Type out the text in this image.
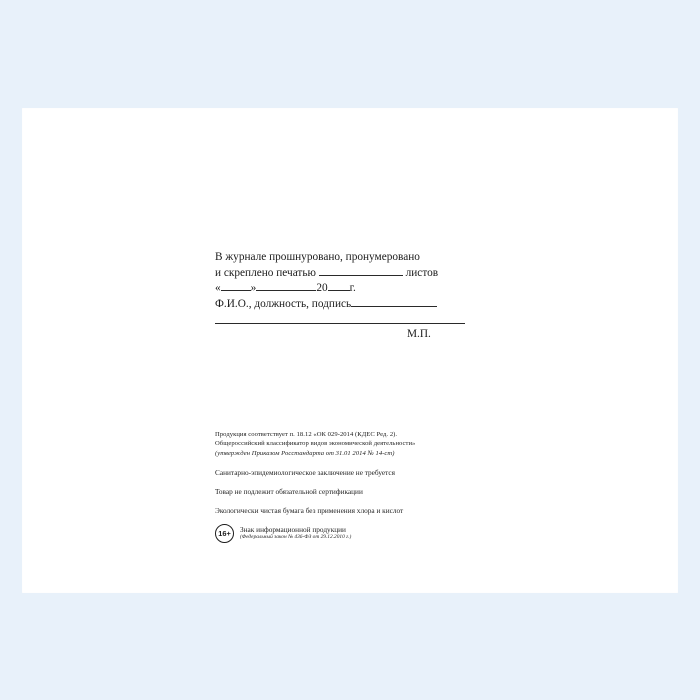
В журнале прошнуровано, пронумеровано
и скреплено печатью	листов
«	»	20 г.
Ф.И.О., должность, подпись
М.П.
Продукция соответствует п. 18.12 «ОК 029-2014 (КДЕС Ред. 2).
Общероссийский классификатор видов экономической деятельности»
(утвержден Приказом Росстандарта от 31.01 2014 № 14-ст)
Санитарно-эпидемиологическое заключение не требуется
Товар не подлежит обязательной сертификации
Экологически чистая бумага без применения хлора и кислот
16+	Знак информационной продукции
(Федеральный закон № 436-ФЗ от 29.12.2010 г.)
